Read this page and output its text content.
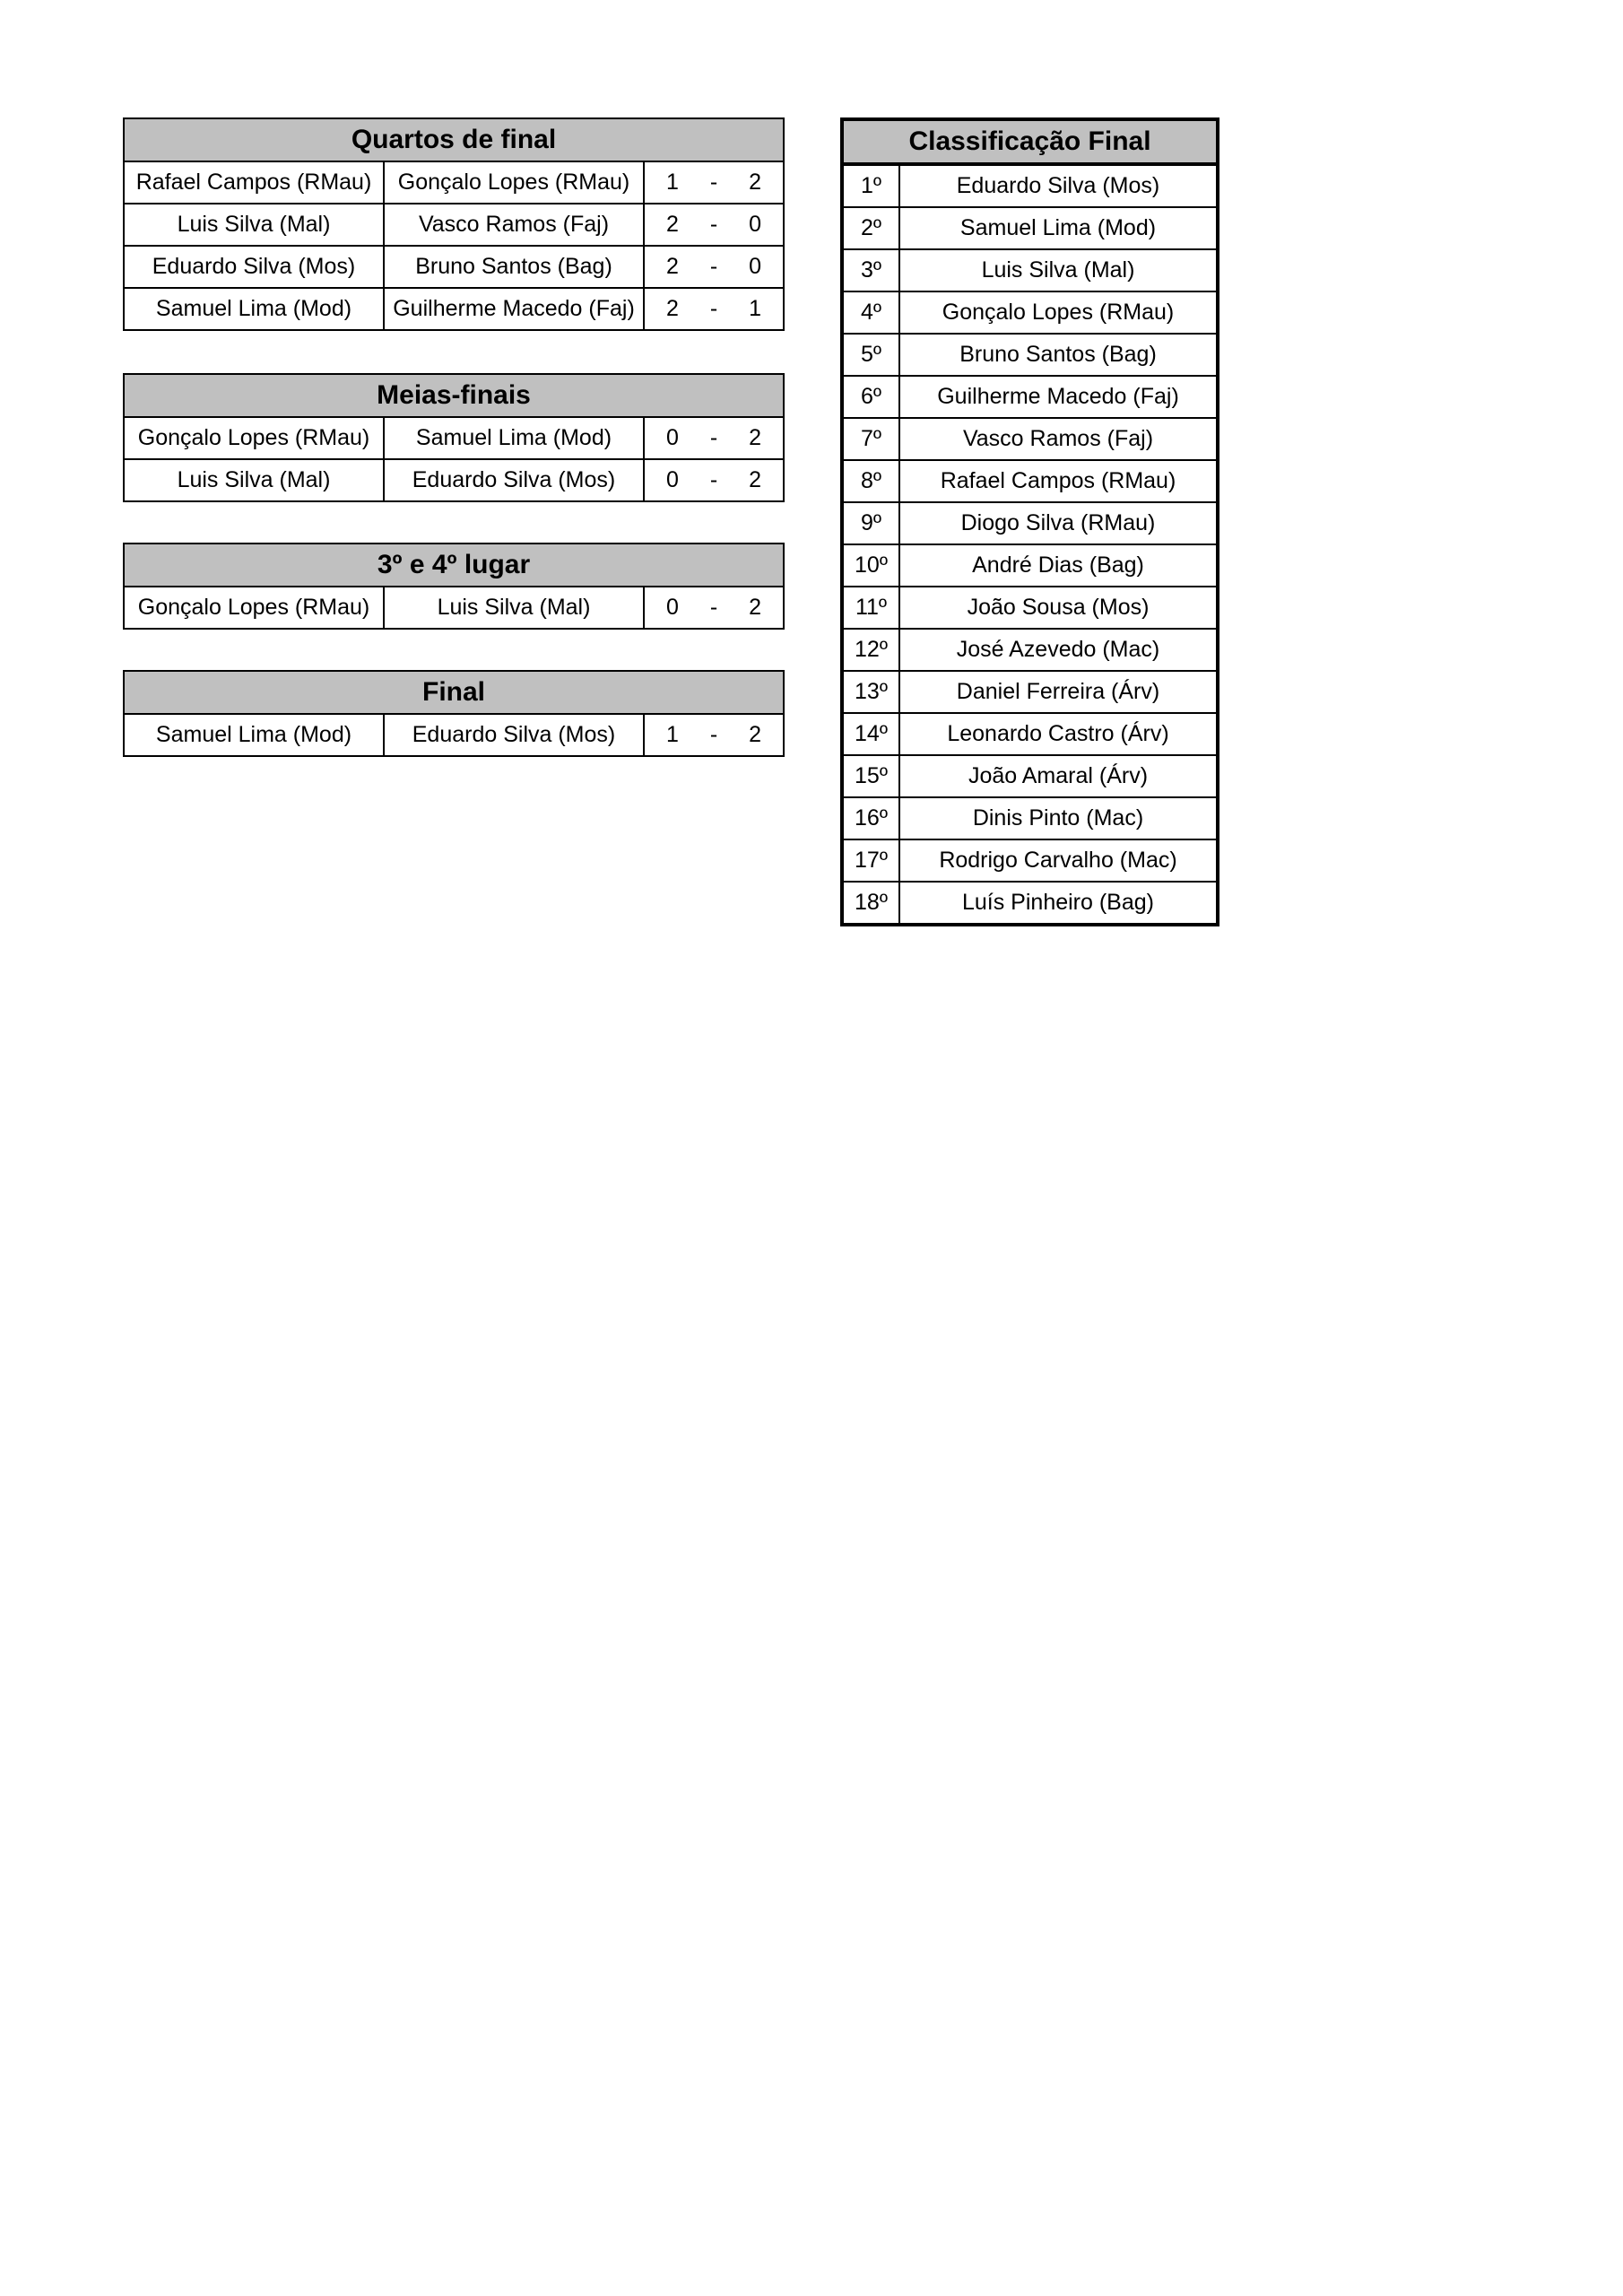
Quartos de final		
Rafael Campos (RMau)	Gonçalo Lopes (RMau)	1 - 2

Luis Silva (Mal)	Vasco Ramos (Faj)	2 - 0

Eduardo Silva (Mos)	Bruno Santos (Bag)	2 - 0

Samuel Lima (Mod)	Guilherme Macedo (Faj)	2 - 1
Meias-finais		
Gonçalo Lopes (RMau)	Samuel Lima (Mod)	0 - 2

Luis Silva (Mal)	Eduardo Silva (Mos)	0 - 2
3º e 4º lugar
Gonçalo Lopes (RMau)	Luis Silva (Mal)	0 - 2
Final
Samuel Lima (Mod)	Eduardo Silva (Mos)	1 - 2
Classificação Final	
1º	Eduardo Silva (Mos)
2º	Samuel Lima (Mod)
3º	Luis Silva (Mal)
4º	Gonçalo Lopes (RMau)
5º	Bruno Santos (Bag)
6º	Guilherme Macedo (Faj)
7º	Vasco Ramos (Faj)
8º	Rafael Campos (RMau)
9º	Diogo Silva (RMau)
10º	André Dias (Bag)
11º	João Sousa (Mos)
12º	José Azevedo (Mac)
13º	Daniel Ferreira (Árv)
14º	Leonardo Castro (Árv)
15º	João Amaral (Árv)
16º	Dinis Pinto (Mac)
17º	Rodrigo Carvalho (Mac)
18º	Luís Pinheiro (Bag)
